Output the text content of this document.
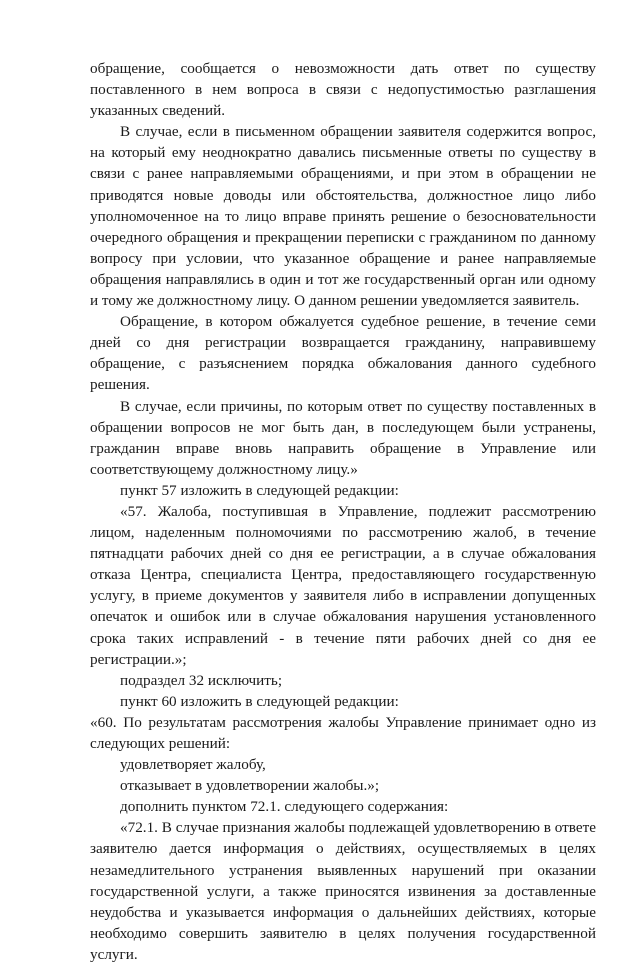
обращение, сообщается о невозможности дать ответ по существу поставленного в нем вопроса в связи с недопустимостью разглашения указанных сведений.

В случае, если в письменном обращении заявителя содержится вопрос, на который ему неоднократно давались письменные ответы по существу в связи с ранее направляемыми обращениями, и при этом в обращении не приводятся новые доводы или обстоятельства, должностное лицо либо уполномоченное на то лицо вправе принять решение о безосновательности очередного обращения и прекращении переписки с гражданином по данному вопросу при условии, что указанное обращение и ранее направляемые обращения направлялись в один и тот же государственный орган или одному и тому же должностному лицу. О данном решении уведомляется заявитель.

Обращение, в котором обжалуется судебное решение, в течение семи дней со дня регистрации возвращается гражданину, направившему обращение, с разъяснением порядка обжалования данного судебного решения.

В случае, если причины, по которым ответ по существу поставленных в обращении вопросов не мог быть дан, в последующем были устранены, гражданин вправе вновь направить обращение в Управление или соответствующему должностному лицу.»

пункт 57 изложить в следующей редакции:

«57. Жалоба, поступившая в Управление, подлежит рассмотрению лицом, наделенным полномочиями по рассмотрению жалоб, в течение пятнадцати рабочих дней со дня ее регистрации, а в случае обжалования отказа Центра, специалиста Центра, предоставляющего государственную услугу, в приеме документов у заявителя либо в исправлении допущенных опечаток и ошибок или в случае обжалования нарушения установленного срока таких исправлений - в течение пяти рабочих дней со дня ее регистрации.»;

подраздел 32 исключить;

пункт 60 изложить в следующей редакции:

«60. По результатам рассмотрения жалобы Управление принимает одно из следующих решений:

удовлетворяет жалобу,

отказывает в удовлетворении жалобы.»;

дополнить пунктом 72.1. следующего содержания:

«72.1. В случае признания жалобы подлежащей удовлетворению в ответе заявителю дается информация о действиях, осуществляемых в целях незамедлительного устранения выявленных нарушений при оказании государственной услуги, а также приносятся извинения за доставленные неудобства и указывается информация о дальнейших действиях, которые необходимо совершить заявителю в целях получения государственной услуги.
